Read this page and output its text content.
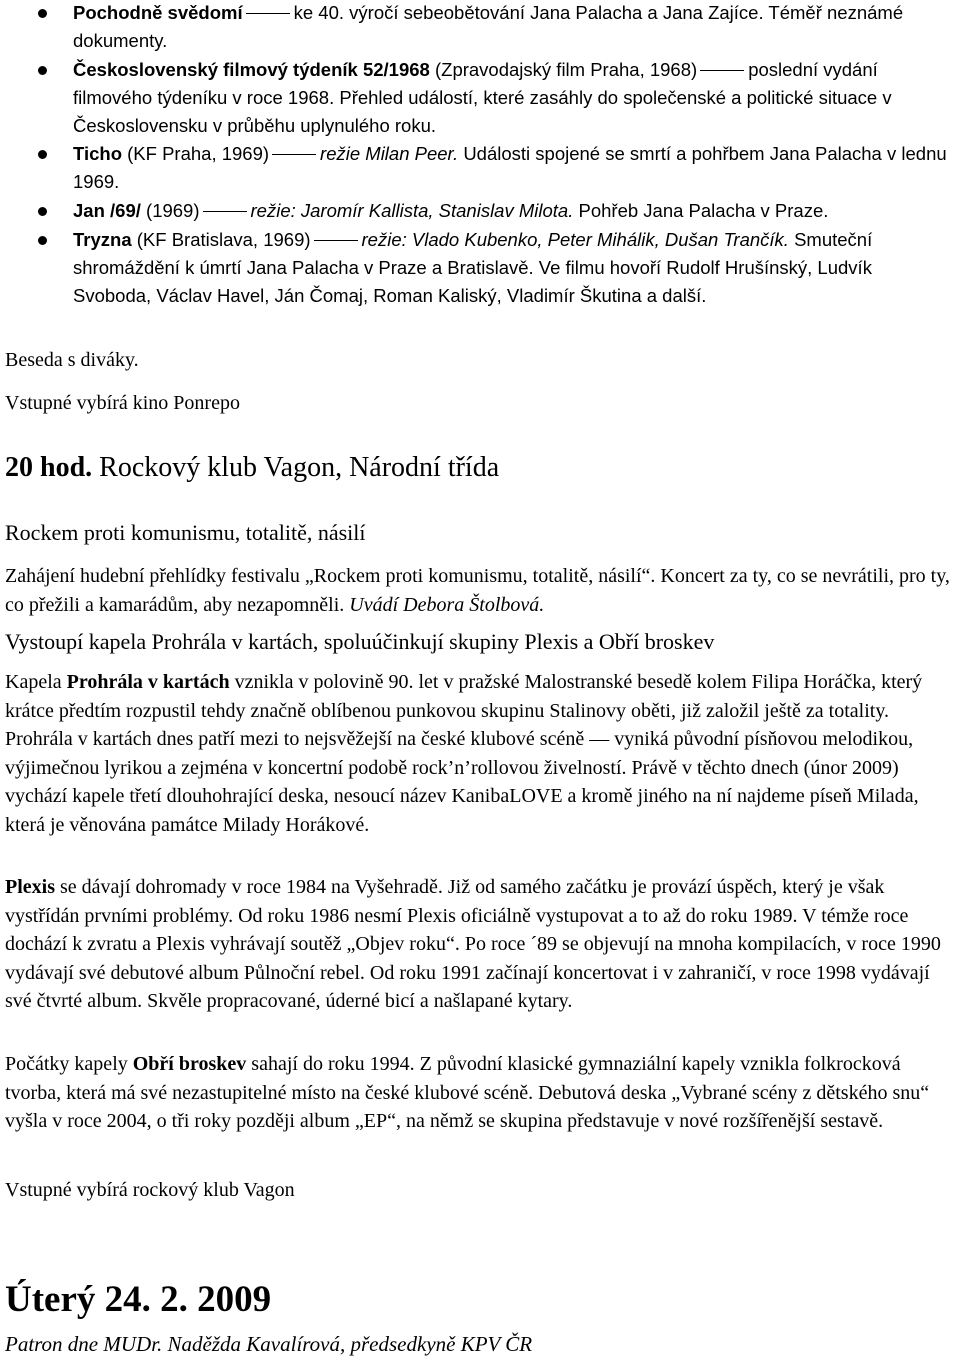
Pochodně svědomí	ke 40. výročí sebeobětování Jana Palacha a Jana Zajíce. Téměř neznámé dokumenty.

Československý filmový týdeník 52/1968 (Zpravodajský film Praha, 1968)	poslední vydání filmového týdeníku v roce 1968. Přehled událostí, které zasáhly do společenské a politické situace v Československu v průběhu uplynulého roku.

Ticho (KF Praha, 1969)	režie Milan Peer. Události spojené se smrtí a pohřbem Jana Palacha v lednu 1969.

Jan /69/ (1969)	režie: Jaromír Kallista, Stanislav Milota. Pohřeb Jana Palacha v Praze.

Tryzna (KF Bratislava, 1969)	režie: Vlado Kubenko, Peter Mihálik, Dušan Trančík. Smuteční shromáždění k úmrtí Jana Palacha v Praze a Bratislavě. Ve filmu hovoří Rudolf Hrušínský, Ludvík Svoboda, Václav Havel, Ján Čomaj, Roman Kaliský, Vladimír Škutina a další.

Beseda s diváky.

Vstupné vybírá kino Ponrepo

20 hod. Rockový klub Vagon, Národní třída

Rockem proti komunismu, totalitě, násilí

Zahájení hudební přehlídky festivalu „Rockem proti komunismu, totalitě, násilí“. Koncert za ty, co se nevrátili, pro ty, co přežili a kamarádům, aby nezapomněli. Uvádí Debora Štolbová.

Vystoupí kapela Prohrála v kartách, spoluúčinkují skupiny Plexis a Obří broskev

Kapela Prohrála v kartách vznikla v polovině 90. let v pražské Malostranské besedě kolem Filipa Horáčka, který krátce předtím rozpustil tehdy značně oblíbenou punkovou skupinu Stalinovy oběti, již založil ještě za totality. Prohrála v kartách dnes patří mezi to nejsvěžejší na české klubové scéně — vyniká původní písňovou melodikou, výjimečnou lyrikou a zejména v koncertní podobě rock’n’rollovou živelností. Právě v těchto dnech (únor 2009) vychází kapele třetí dlouhohrající deska, nesoucí název KanibaLOVE a kromě jiného na ní najdeme píseň Milada, která je věnována památce Milady Horákové.

Plexis se dávají dohromady v roce 1984 na Vyšehradě. Již od samého začátku je provází úspěch, který je však vystřídán prvními problémy. Od roku 1986 nesmí Plexis oficiálně vystupovat a to až do roku 1989. V témže roce dochází k zvratu a Plexis vyhrávají soutěž „Objev roku“. Po roce ´89 se objevují na mnoha kompilacích, v roce 1990 vydávají své debutové album Půlnoční rebel. Od roku 1991 začínají koncertovat i v zahraničí, v roce 1998 vydávají své čtvrté album. Skvěle propracované, úderné bicí a našlapané kytary.

Počátky kapely Obří broskev sahají do roku 1994. Z původní klasické gymnaziální kapely vznikla folkrocková tvorba, která má své nezastupitelné místo na české klubové scéně. Debutová deska „Vybrané scény z dětského snu“ vyšla v roce 2004, o tři roky později album „EP“, na němž se skupina představuje v nové rozšířenější sestavě.

Vstupné vybírá rockový klub Vagon

Úterý 24. 2. 2009

Patron dne MUDr. Naděžda Kavalírová, předsedkyně KPV ČR
